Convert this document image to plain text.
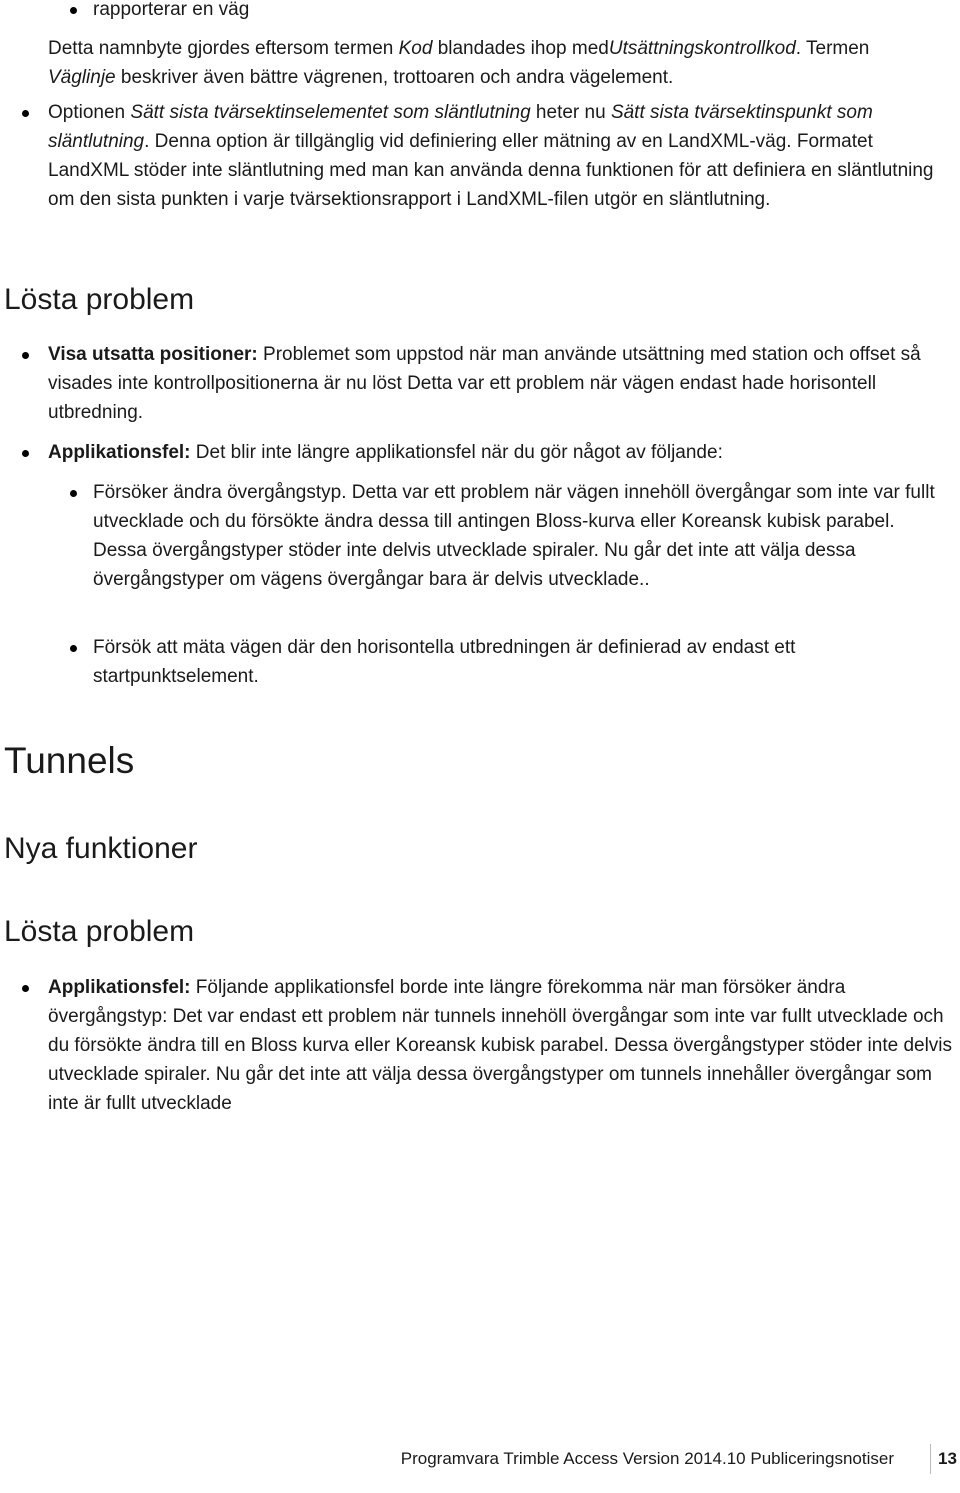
rapporterar en väg

Detta namnbyte gjordes eftersom termen Kod blandades ihop medUtsättningskontrollkod. Termen Väglinje beskriver även bättre vägrenen, trottoaren och andra vägelement.

Optionen Sätt sista tvärsektinselementet som släntlutning heter nu Sätt sista tvärsektinspunkt som släntlutning. Denna option är tillgänglig vid definiering eller mätning av en LandXML-väg. Formatet LandXML stöder inte släntlutning med man kan använda denna funktionen för att definiera en släntlutning om den sista punkten i varje tvärsektionsrapport i LandXML-filen utgör en släntlutning.

Lösta problem

Visa utsatta positioner: Problemet som uppstod när man använde utsättning med station och offset så visades inte kontrollpositionerna är nu löst Detta var ett problem när vägen endast hade horisontell utbredning.

Applikationsfel: Det blir inte längre applikationsfel när du gör något av följande:

Försöker ändra övergångstyp. Detta var ett problem när vägen innehöll övergångar som inte var fullt utvecklade och du försökte ändra dessa till antingen Bloss-kurva eller Koreansk kubisk parabel. Dessa övergångstyper stöder inte delvis utvecklade spiraler. Nu går det inte att välja dessa övergångstyper om vägens övergångar bara är delvis utvecklade..

Försök att mäta vägen där den horisontella utbredningen är definierad av endast ett startpunktselement.

Tunnels
Nya funktioner
Lösta problem

Applikationsfel: Följande applikationsfel borde inte längre förekomma när man försöker ändra övergångstyp: Det var endast ett problem när tunnels innehöll övergångar som inte var fullt utvecklade och du försökte ändra till en Bloss kurva eller Koreansk kubisk parabel. Dessa övergångstyper stöder inte delvis utvecklade spiraler. Nu går det inte att välja dessa övergångstyper om tunnels innehåller övergångar som inte är fullt utvecklade

Programvara Trimble Access Version 2014.10 Publiceringsnotiser	13
